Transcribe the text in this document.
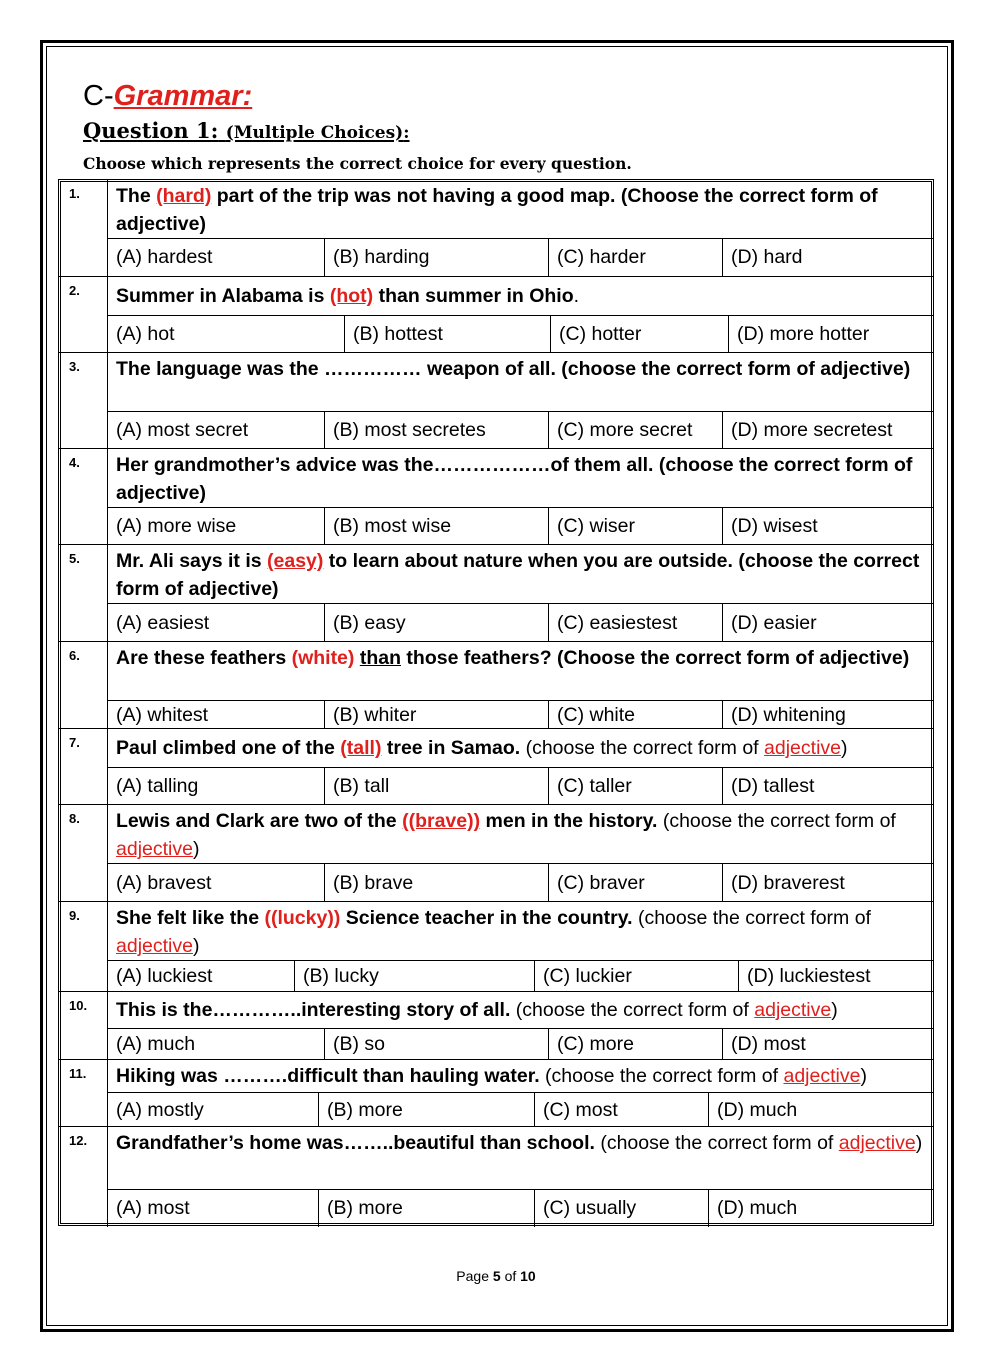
C-Grammar:
Question 1: (Multiple Choices):
Choose which represents the correct choice for every question.
1.	The (hard) part of the trip was not having a good map. (Choose the correct form of adjective)
(A) hardest	(B) harding	(C) harder	(D) hard
2.	Summer in Alabama is (hot) than summer in Ohio.
(A) hot	(B) hottest	(C) hotter	(D) more hotter
3.	The language was the …………… weapon of all. (choose the correct form of adjective)
(A) most secret	(B) most secretes	(C) more secret	(D) more secretest
4.	Her grandmother’s advice was the………………of them all. (choose the correct form of adjective)
(A) more wise	(B) most wise	(C) wiser	(D) wisest
5.	Mr. Ali says it is (easy) to learn about nature when you are outside. (choose the correct form of adjective)
(A) easiest	(B) easy	(C) easiestest	(D) easier
6.	Are these feathers (white) than those feathers? (Choose the correct form of adjective)
(A) whitest	(B) whiter	(C) white	(D) whitening
7.	Paul climbed one of the (tall) tree in Samao. (choose the correct form of adjective)
(A) talling	(B) tall	(C) taller	(D) tallest
8.	Lewis and Clark are two of the ((brave)) men in the history. (choose the correct form of adjective)
(A) bravest	(B) brave	(C) braver	(D) braverest
9.	She felt like the ((lucky)) Science teacher in the country. (choose the correct form of adjective)
(A) luckiest	(B) lucky	(C) luckier	(D) luckiestest
10.	This is the…………..interesting story of all. (choose the correct form of adjective)
(A) much	(B) so	(C) more	(D) most
11.	Hiking was ……….difficult than hauling water. (choose the correct form of adjective)
(A) mostly	(B) more	(C) most	(D) much
12.	Grandfather’s home was……..beautiful than school. (choose the correct form of adjective)
(A) most	(B) more	(C) usually	(D) much
Page 5 of 10
